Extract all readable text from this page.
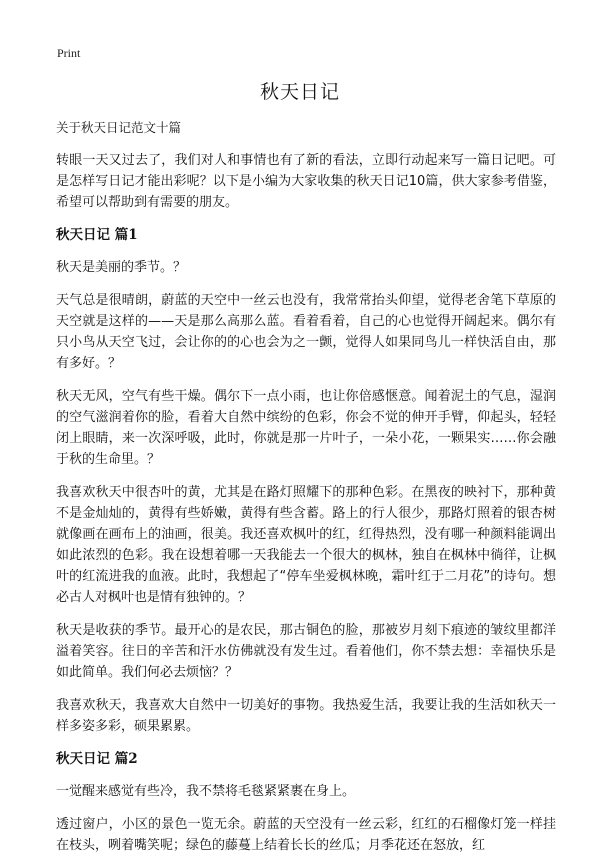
Print
秋天日记
关于秋天日记范文十篇

转眼一天又过去了，我们对人和事情也有了新的看法，立即行动起来写一篇日记吧。可是怎样写日记才能出彩呢？以下是小编为大家收集的秋天日记10篇，供大家参考借鉴，希望可以帮助到有需要的朋友。

秋天日记 篇1

秋天是美丽的季节。？

天气总是很晴朗，蔚蓝的天空中一丝云也没有，我常常抬头仰望，觉得老舍笔下草原的天空就是这样的——天是那么高那么蓝。看着看着，自己的心也觉得开阔起来。偶尔有只小鸟从天空飞过，会让你的的心也会为之一颤，觉得人如果同鸟儿一样快活自由，那有多好。？

秋天无风，空气有些干燥。偶尔下一点小雨，也让你倍感惬意。闻着泥土的气息，湿润的空气滋润着你的脸，看着大自然中缤纷的色彩，你会不觉的伸开手臂，仰起头，轻轻闭上眼睛，来一次深呼吸，此时，你就是那一片叶子，一朵小花，一颗果实……你会融于秋的生命里。？

我喜欢秋天中很杏叶的黄，尤其是在路灯照耀下的那种色彩。在黑夜的映衬下，那种黄不是金灿灿的，黄得有些娇嫩，黄得有些含蓄。路上的行人很少，那路灯照着的银杏树就像画在画布上的油画，很美。我还喜欢枫叶的红，红得热烈，没有哪一种颜料能调出如此浓烈的色彩。我在设想着哪一天我能去一个很大的枫林，独自在枫林中徜徉，让枫叶的红流进我的血液。此时，我想起了“停车坐爱枫林晚，霜叶红于二月花”的诗句。想必古人对枫叶也是情有独钟的。？

秋天是收获的季节。最开心的是农民，那古铜色的脸，那被岁月刻下痕迹的皱纹里都洋溢着笑容。往日的辛苦和汗水仿佛就没有发生过。看着他们，你不禁去想：幸福快乐是如此简单。我们何必去烦恼？？

我喜欢秋天，我喜欢大自然中一切美好的事物。我热爱生活，我要让我的生活如秋天一样多姿多彩，硕果累累。

秋天日记 篇2

一觉醒来感觉有些冷，我不禁将毛毯紧紧裹在身上。

透过窗户，小区的景色一览无余。蔚蓝的天空没有一丝云彩，红红的石榴像灯笼一样挂在枝头，咧着嘴笑呢；绿色的藤蔓上结着长长的丝瓜；月季花还在怒放，红
